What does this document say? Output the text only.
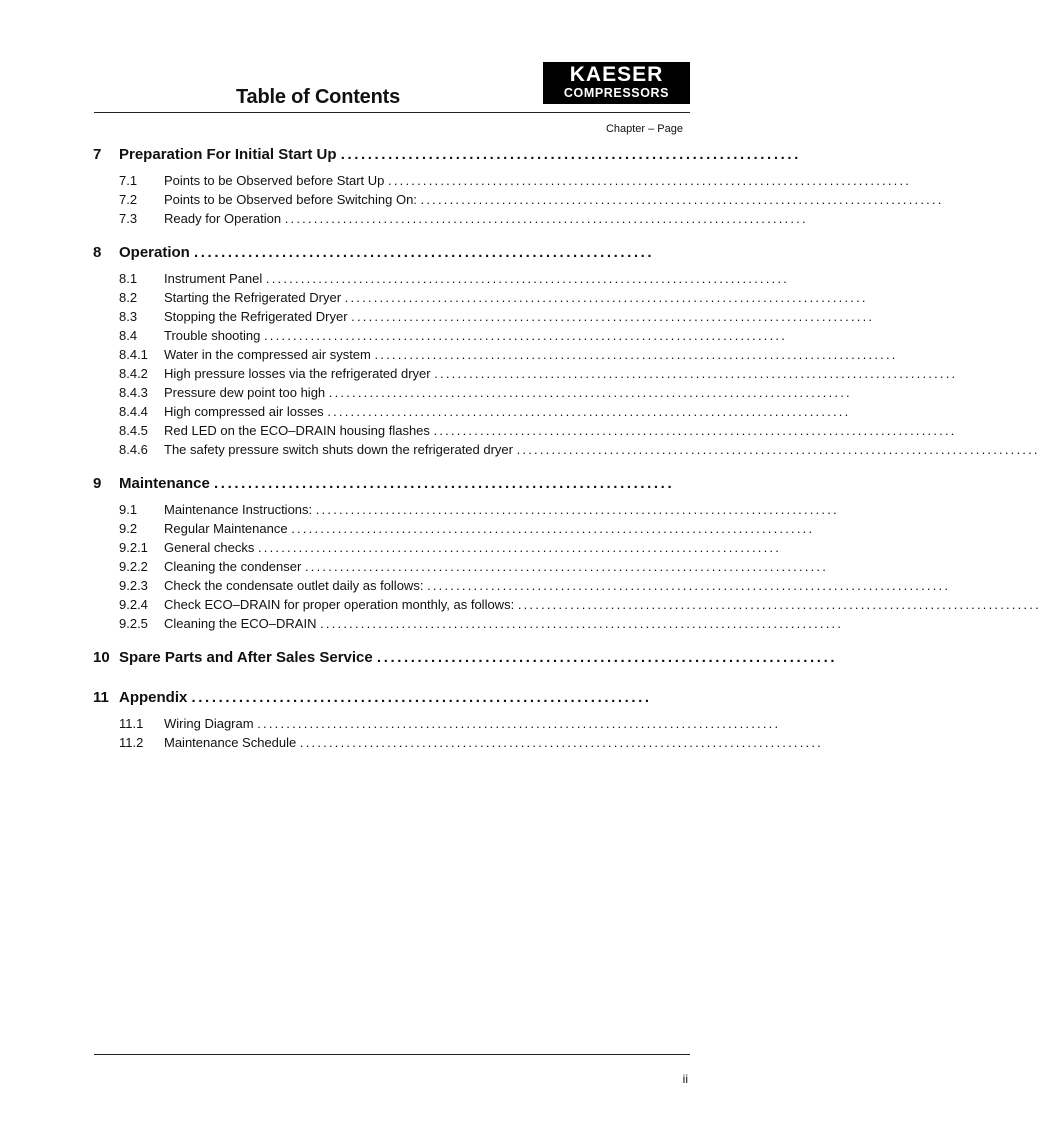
Table of Contents
KAESER
COMPRESSORS
Chapter – Page
7 Preparation For Initial Start Up ....................................................................
7.1 Points to be Observed before Start Up ..........................................................................................
7.2 Points to be Observed before Switching On: ..........................................................................................
7.3 Ready for Operation ..........................................................................................
8 Operation ....................................................................
8.1 Instrument Panel ..........................................................................................
8.2 Starting the Refrigerated Dryer ..........................................................................................
8.3 Stopping the Refrigerated Dryer ..........................................................................................
8.4 Trouble shooting ..........................................................................................
8.4.1 Water in the compressed air system ..........................................................................................
8.4.2 High pressure losses via the refrigerated dryer ..........................................................................................
8.4.3 Pressure dew point too high ..........................................................................................
8.4.4 High compressed air losses ..........................................................................................
8.4.5 Red LED on the ECO–DRAIN housing flashes ..........................................................................................
8.4.6 The safety pressure switch shuts down the refrigerated dryer ..........................................................................................
9 Maintenance ....................................................................
9.1 Maintenance Instructions: ..........................................................................................
9.2 Regular Maintenance ..........................................................................................
9.2.1 General checks ..........................................................................................
9.2.2 Cleaning the condenser ..........................................................................................
9.2.3 Check the condensate outlet daily as follows: ..........................................................................................
9.2.4 Check ECO–DRAIN for proper operation monthly, as follows: ..........................................................................................
9.2.5 Cleaning the ECO–DRAIN ..........................................................................................
10 Spare Parts and After Sales Service ....................................................................
11 Appendix ....................................................................
11.1 Wiring Diagram ..........................................................................................
11.2 Maintenance Schedule ..........................................................................................
ii
